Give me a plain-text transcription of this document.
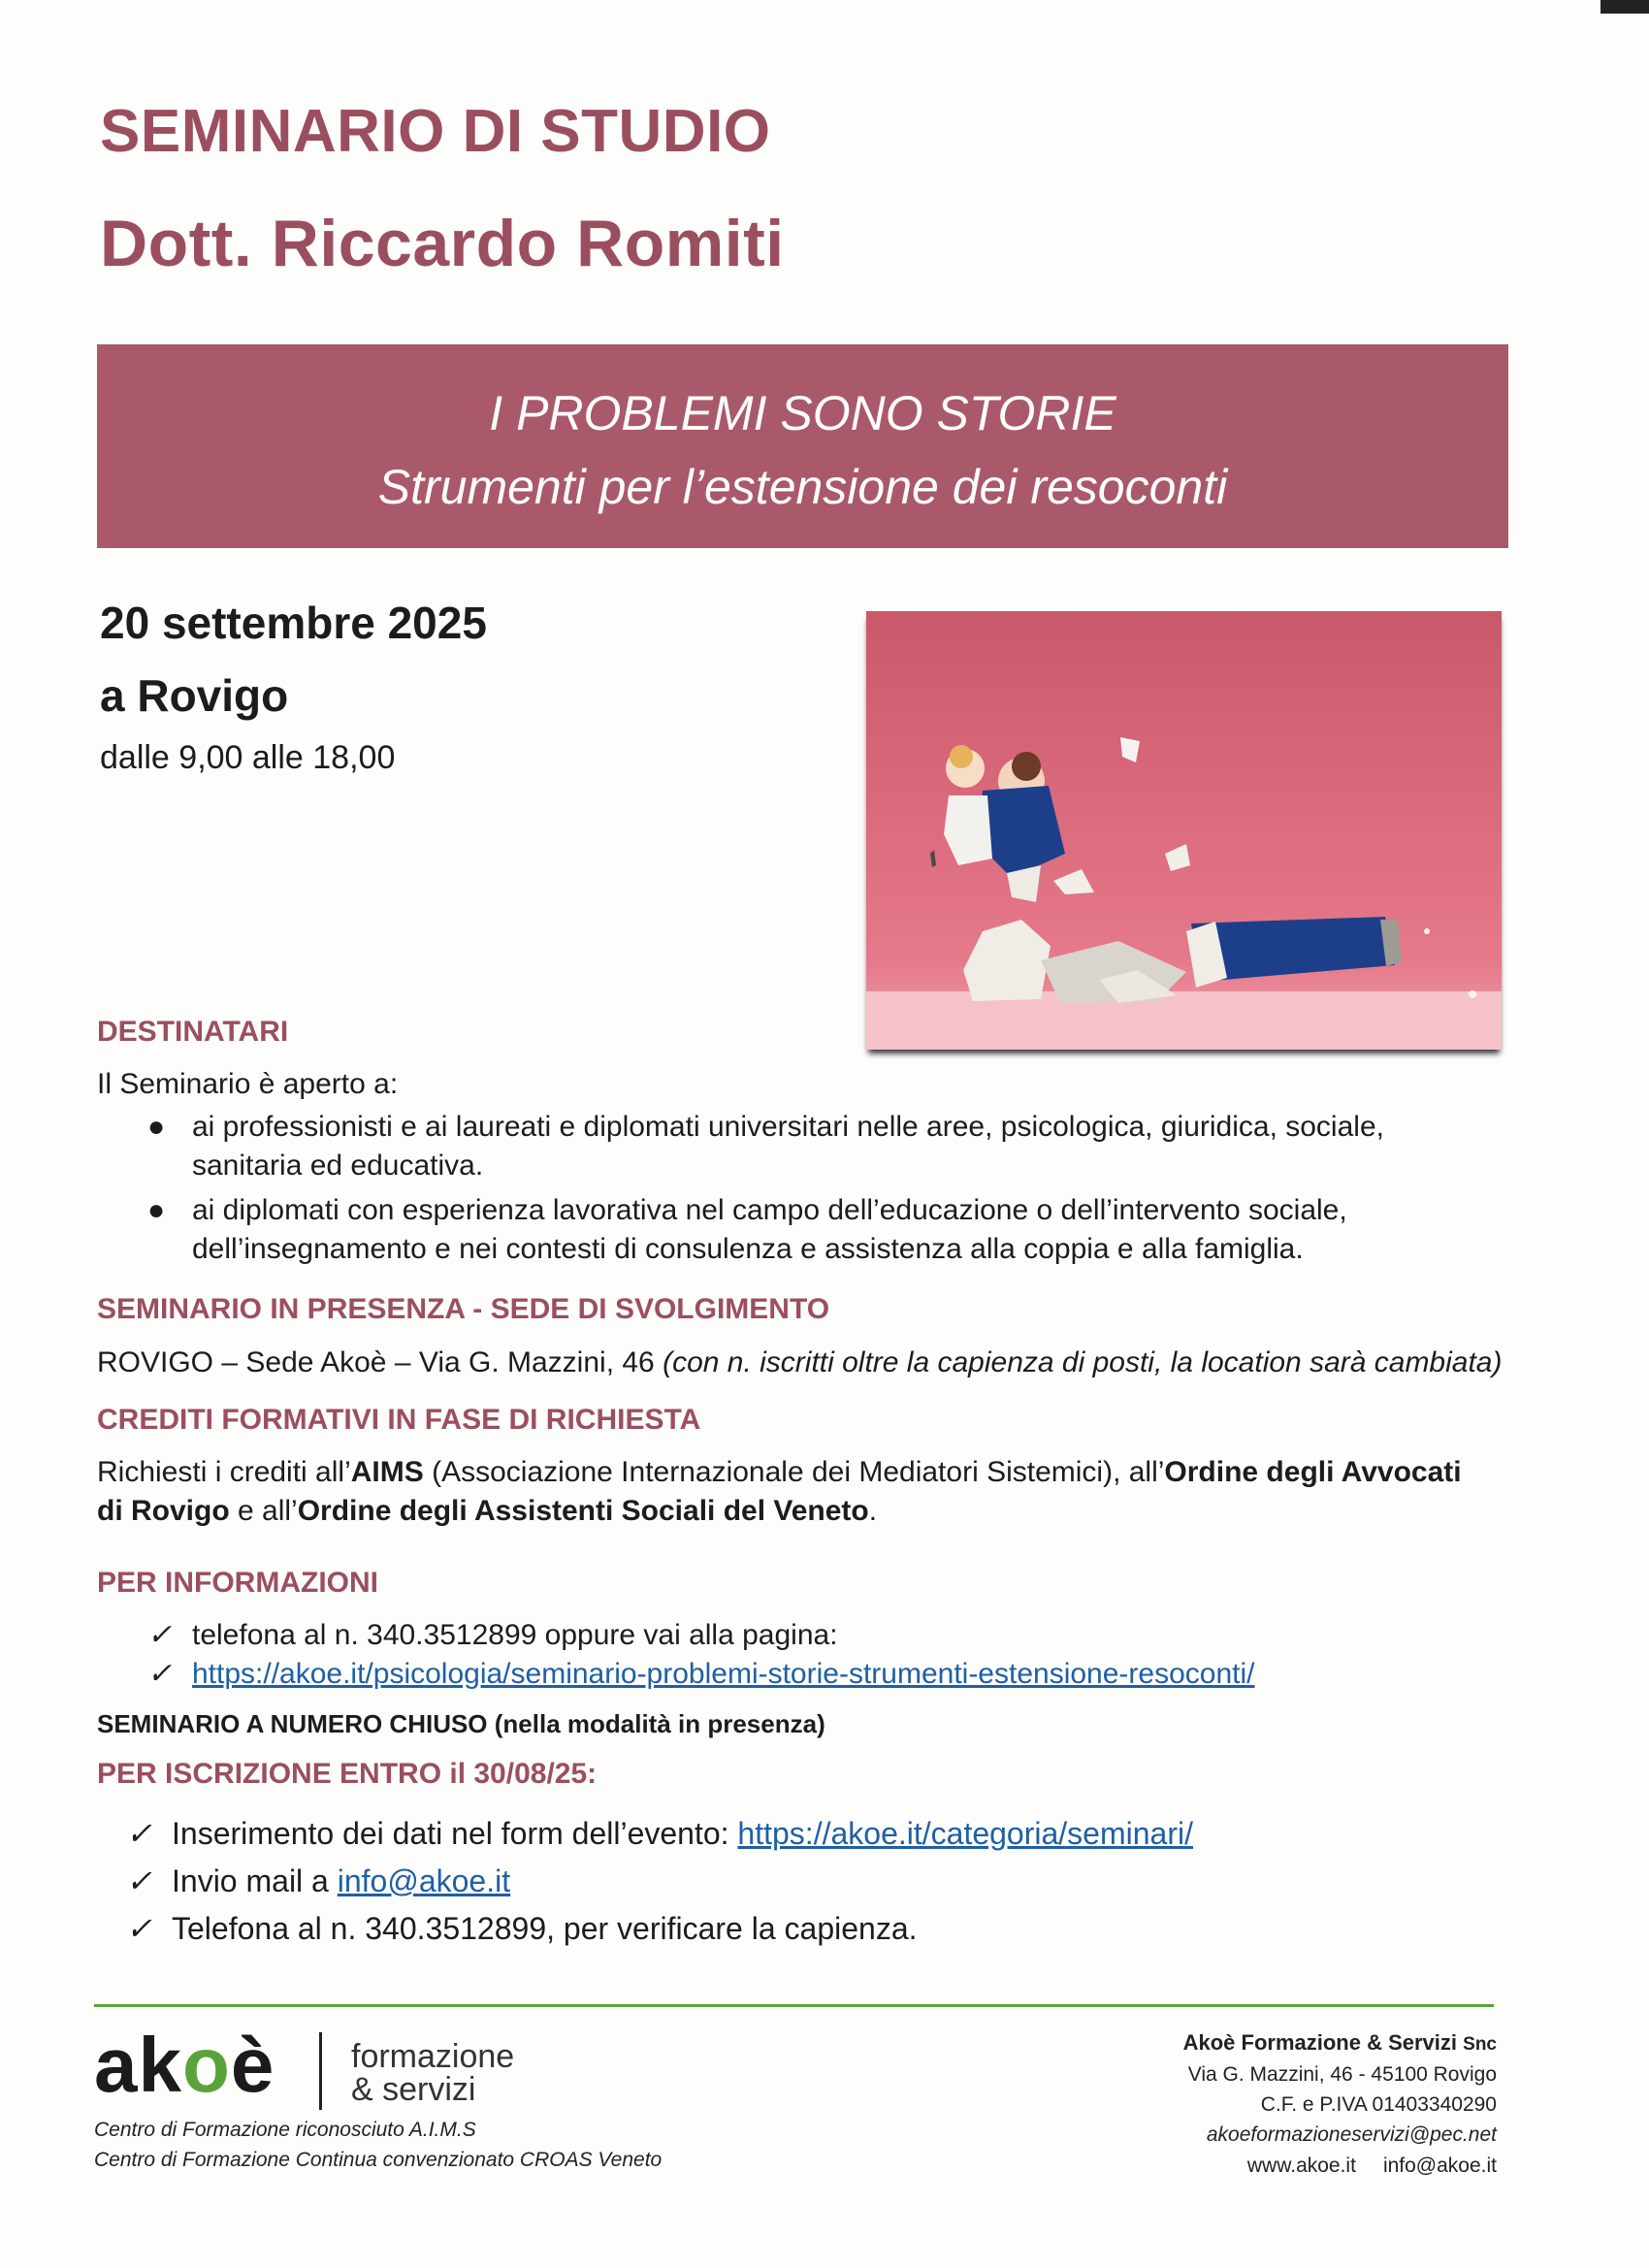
SEMINARIO DI STUDIO
Dott. Riccardo Romiti
I PROBLEMI SONO STORIE
Strumenti per l’estensione dei resoconti
20 settembre 2025
a Rovigo
dalle 9,00 alle 18,00
DESTINATARI
Il Seminario è aperto a:
● ai professionisti e ai laureati e diplomati universitari nelle aree, psicologica, giuridica, sociale, sanitaria ed educativa.
● ai diplomati con esperienza lavorativa nel campo dell’educazione o dell’intervento sociale, dell’insegnamento e nei contesti di consulenza e assistenza alla coppia e alla famiglia.
SEMINARIO IN PRESENZA - SEDE DI SVOLGIMENTO
ROVIGO – Sede Akoè – Via G. Mazzini, 46 (con n. iscritti oltre la capienza di posti, la location sarà cambiata)
CREDITI FORMATIVI IN FASE DI RICHIESTA
Richiesti i crediti all’AIMS (Associazione Internazionale dei Mediatori Sistemici), all’Ordine degli Avvocati di Rovigo e all’Ordine degli Assistenti Sociali del Veneto.
PER INFORMAZIONI
✓ telefona al n. 340.3512899 oppure vai alla pagina:
✓ https://akoe.it/psicologia/seminario-problemi-storie-strumenti-estensione-resoconti/
SEMINARIO A NUMERO CHIUSO (nella modalità in presenza)
PER ISCRIZIONE ENTRO il 30/08/25:
✓ Inserimento dei dati nel form dell’evento: https://akoe.it/categoria/seminari/
✓ Invio mail a info@akoe.it
✓ Telefona al n. 340.3512899, per verificare la capienza.
akoè formazione
& servizi
Centro di Formazione riconosciuto A.I.M.S
Centro di Formazione Continua convenzionato CROAS Veneto
Akoè Formazione & Servizi Snc
Via G. Mazzini, 46 - 45100 Rovigo
C.F. e P.IVA 01403340290
akoeformazioneservizi@pec.net
www.akoe.it info@akoe.it
